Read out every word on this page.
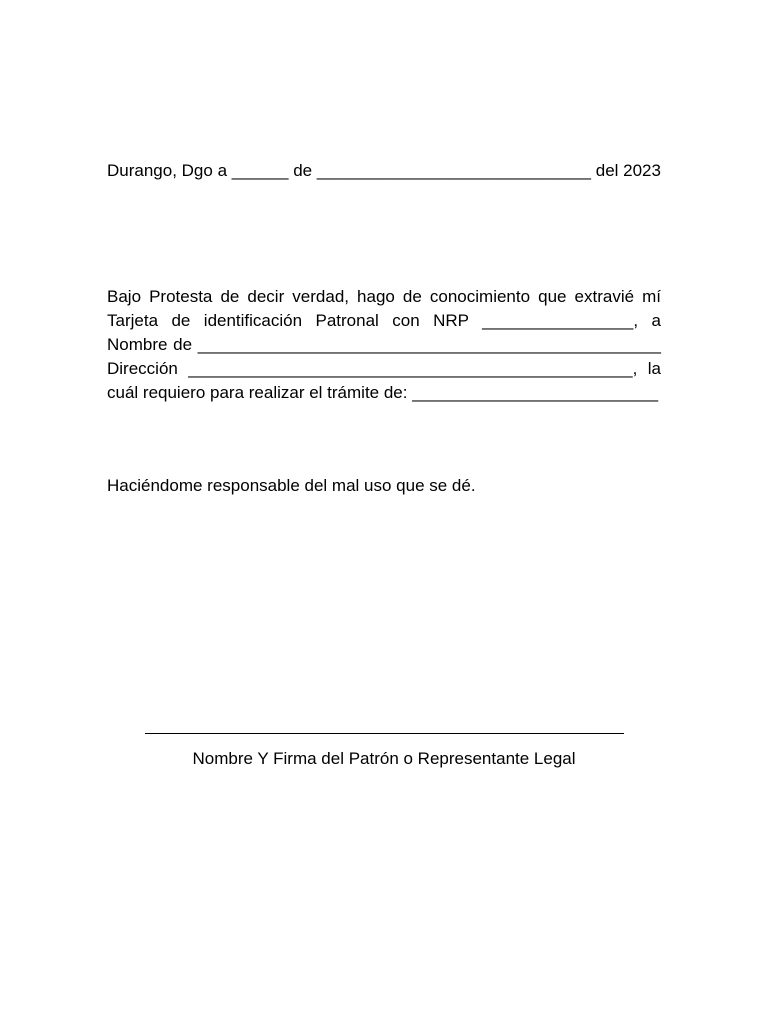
Durango, Dgo a ______ de _____________________________ del 2023

Bajo Protesta de decir verdad, hago de conocimiento que extravié mí Tarjeta de identificación Patronal con NRP ________________, a Nombre de _________________________________________________ Dirección _______________________________________________, la cuál requiero para realizar el trámite de: __________________________

Haciéndome responsable del mal uso que se dé.

Nombre Y Firma del Patrón o Representante Legal
